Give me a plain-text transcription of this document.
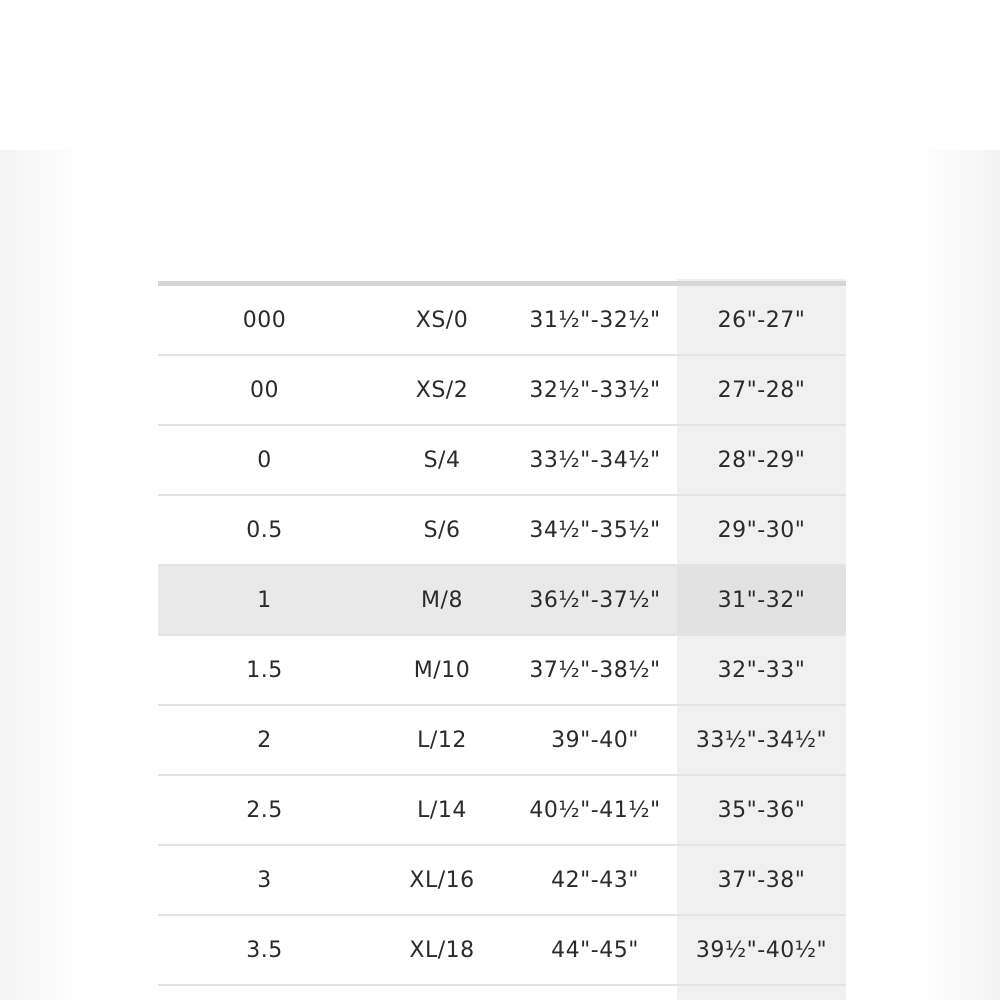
000	XS/0	31½"-32½"	26"-27"
00	XS/2	32½"-33½"	27"-28"
0	S/4	33½"-34½"	28"-29"
0.5	S/6	34½"-35½"	29"-30"
1	M/8	36½"-37½"	31"-32"
1.5	M/10	37½"-38½"	32"-33"
2	L/12	39"-40"	33½"-34½"
2.5	L/14	40½"-41½"	35"-36"
3	XL/16	42"-43"	37"-38"
3.5	XL/18	44"-45"	39½"-40½"
